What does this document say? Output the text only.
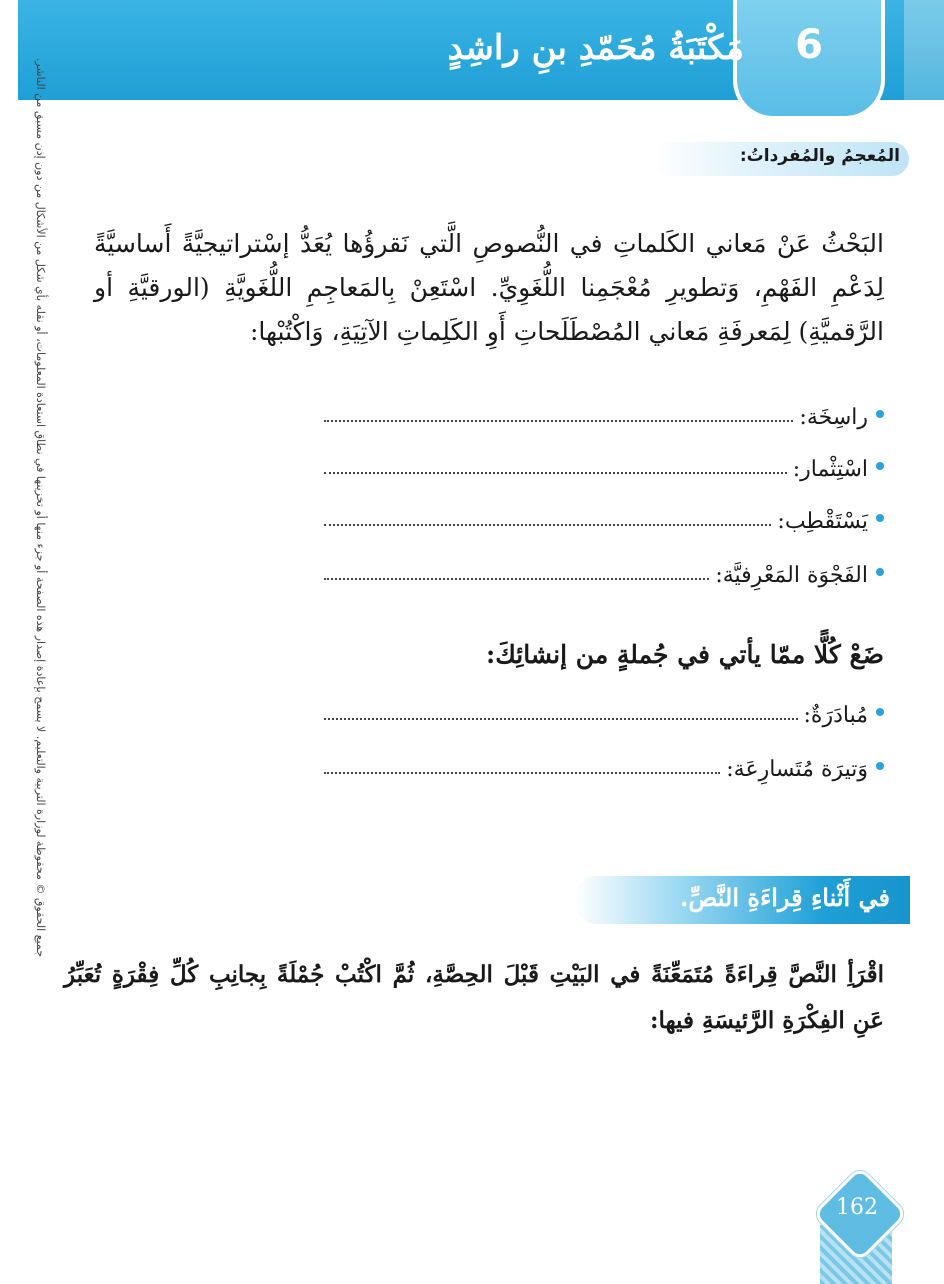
6
مَكْتَبَةُ مُحَمّدِ بنِ راشِدٍ
المُعجمُ والمُفرداتُ:
البَحْثُ عَنْ مَعاني الكَلماتِ في النُّصوصِ الَّتي نَقرؤُها يُعَدُّ إسْتراتيجيَّةً أَساسيَّةً لِدَعْمِ الفَهْمِ، وَتطويرِ مُعْجَمِنا اللُّغَوِيِّ. اسْتَعِنْ بِالمَعاجِمِ اللُّغَويَّةِ (الورقيَّةِ أو الرَّقميَّةِ) لِمَعرفَةِ مَعاني المُصْطَلَحاتِ أَوِ الكَلِماتِ الآتِيَةِ، وَاكْتُبْها:
راسِخَة:
اسْتِثْمار:
يَسْتَقْطِب:
الفَجْوَة المَعْرِفيَّة:
ضَعْ كُلًّا ممّا يأتي في جُملةٍ من إنشائِكَ:
مُبادَرَةٌ:
وَتيرَة مُتَسارِعَة:
في أَثْناءِ قِراءَةِ النَّصِّ.
اقْرَأِ النَّصَّ قِراءَةً مُتَمَعِّنَةً في البَيْتِ قَبْلَ الحِصَّةِ، ثُمَّ اكْتُبْ جُمْلَةً بِجانِبِ كُلِّ فِقْرَةٍ تُعَبِّرُ عَنِ الفِكْرَةِ الرَّئيسَةِ فيها:
جميع الحقوق © محفوظة لوزارة التربية والتعليم. لا يسمح بإعادة إصدار هذه الصفحة أو جزء منها أو تخزينها في نطاق استعادة المعلومات، أو نقله بأي شكل من الأشكال من دون إذن مسبق من الناشر.
162
